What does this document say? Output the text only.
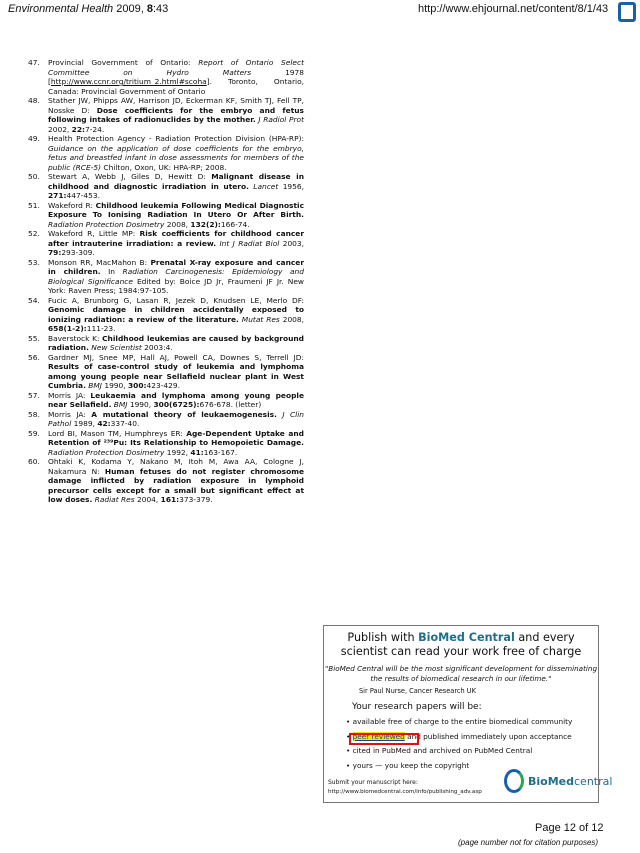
Environmental Health 2009, 8:43	http://www.ehjournal.net/content/8/1/43
47.	Provincial Government of Ontario: Report of Ontario Select Committee on Hydro Matters 1978 [http://www.ccnr.org/tritium_2.html#scoha]. Toronto, Ontario, Canada: Provincial Government of Ontario
48.	Stather JW, Phipps AW, Harrison JD, Eckerman KF, Smith TJ, Fell TP, Nosske D: Dose coefficients for the embryo and fetus following intakes of radionuclides by the mother. J Radiol Prot 2002, 22:7-24.
49.	Health Protection Agency - Radiation Protection Division (HPA-RP): Guidance on the application of dose coefficients for the embryo, fetus and breastfed infant in dose assessments for members of the public (RCE-5) Chilton, Oxon, UK: HPA-RP; 2008.
50.	Stewart A, Webb J, Giles D, Hewitt D: Malignant disease in childhood and diagnostic irradiation in utero. Lancet 1956, 271:447-453.
51.	Wakeford R: Childhood leukemia Following Medical Diagnostic Exposure To Ionising Radiation In Utero Or After Birth. Radiation Protection Dosimetry 2008, 132(2):166-74.
52.	Wakeford R, Little MP: Risk coefficients for childhood cancer after intrauterine irradiation: a review. Int J Radiat Biol 2003, 79:293-309.
53.	Monson RR, MacMahon B: Prenatal X-ray exposure and cancer in children. In Radiation Carcinogenesis: Epidemiology and Biological Significance Edited by: Boice JD Jr, Fraumeni JF Jr. New York: Raven Press; 1984:97-105.
54.	Fucic A, Brunborg G, Lasan R, Jezek D, Knudsen LE, Merlo DF: Genomic damage in children accidentally exposed to ionizing radiation: a review of the literature. Mutat Res 2008, 658(1-2):111-23.
55.	Baverstock K: Childhood leukemias are caused by background radiation. New Scientist 2003:4.
56.	Gardner MJ, Snee MP, Hall AJ, Powell CA, Downes S, Terrell JD: Results of case-control study of leukemia and lymphoma among young people near Sellafield nuclear plant in West Cumbria. BMJ 1990, 300:423-429.
57.	Morris JA: Leukaemia and lymphoma among young people near Sellafield. BMJ 1990, 300(6725):676-678. (letter)
58.	Morris JA: A mutational theory of leukaemogenesis. J Clin Pathol 1989, 42:337-40.
59.	Lord BI, Mason TM, Humphreys ER: Age-Dependent Uptake and Retention of ²³⁹Pu: Its Relationship to Hemopoietic Damage. Radiation Protection Dosimetry 1992, 41:163-167.
60.	Ohtaki K, Kodama Y, Nakano M, Itoh M, Awa AA, Cologne J, Nakamura N: Human fetuses do not register chromosome damage inflicted by radiation exposure in lymphoid precursor cells except for a small but significant effect at low doses. Radiat Res 2004, 161:373-379.
Publish with BioMed Central and every
scientist can read your work free of charge
"BioMed Central will be the most significant development for disseminating the results of biomedical research in our lifetime."
Sir Paul Nurse, Cancer Research UK
Your research papers will be:
• available free of charge to the entire biomedical community
• peer reviewed
and published immediately upon acceptance
• cited in PubMed and archived on PubMed Central
• yours — you keep the copyright
Submit your manuscript here:
http://www.biomedcentral.com/info/publishing_adv.asp
BioMedcentral
Page 12 of 12
(page number not for citation purposes)
